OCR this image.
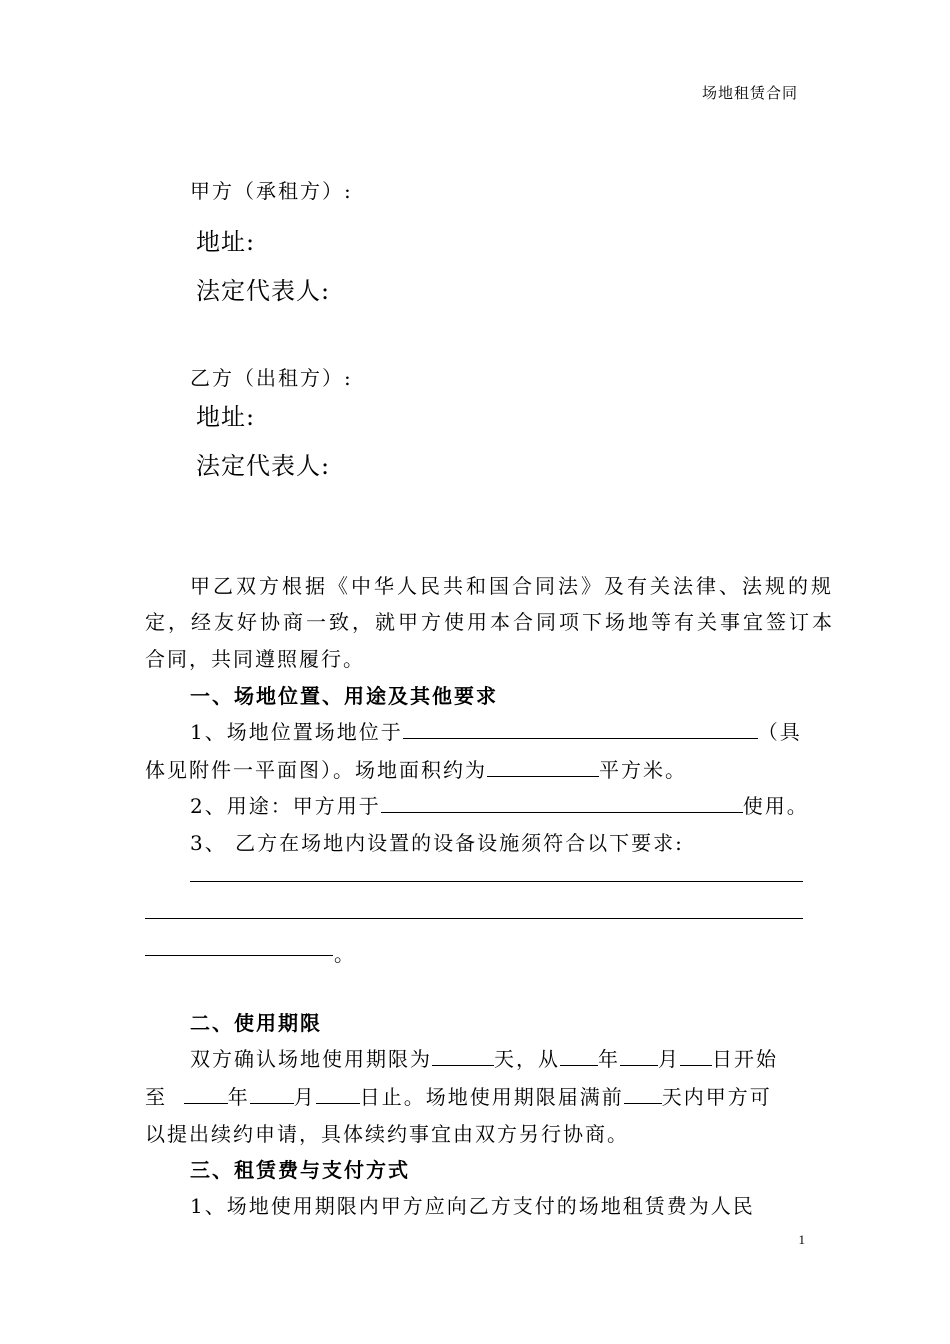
场地租赁合同
甲方（承租方）:
地址:
法定代表人:
乙方（出租方）:
地址:
法定代表人:
甲乙双方根据《中华人民共和国合同法》及有关法律、法规的规
定，经友好协商一致，就甲方使用本合同项下场地等有关事宜签订本
合同，共同遵照履行。
一、场地位置、用途及其他要求
1、场地位置场地位于	（具
体见附件一平面图）。场地面积约为	平方米。
2、用途：甲方用于	使用。
3、 乙方在场地内设置的设备设施须符合以下要求:
。
二、使用期限
双方确认场地使用期限为	天，从 年 月 日开始
至	年 月 日止。场地使用期限届满前 天内甲方可
以提出续约申请，具体续约事宜由双方另行协商。
三、租赁费与支付方式
1、场地使用期限内甲方应向乙方支付的场地租赁费为人民
1
